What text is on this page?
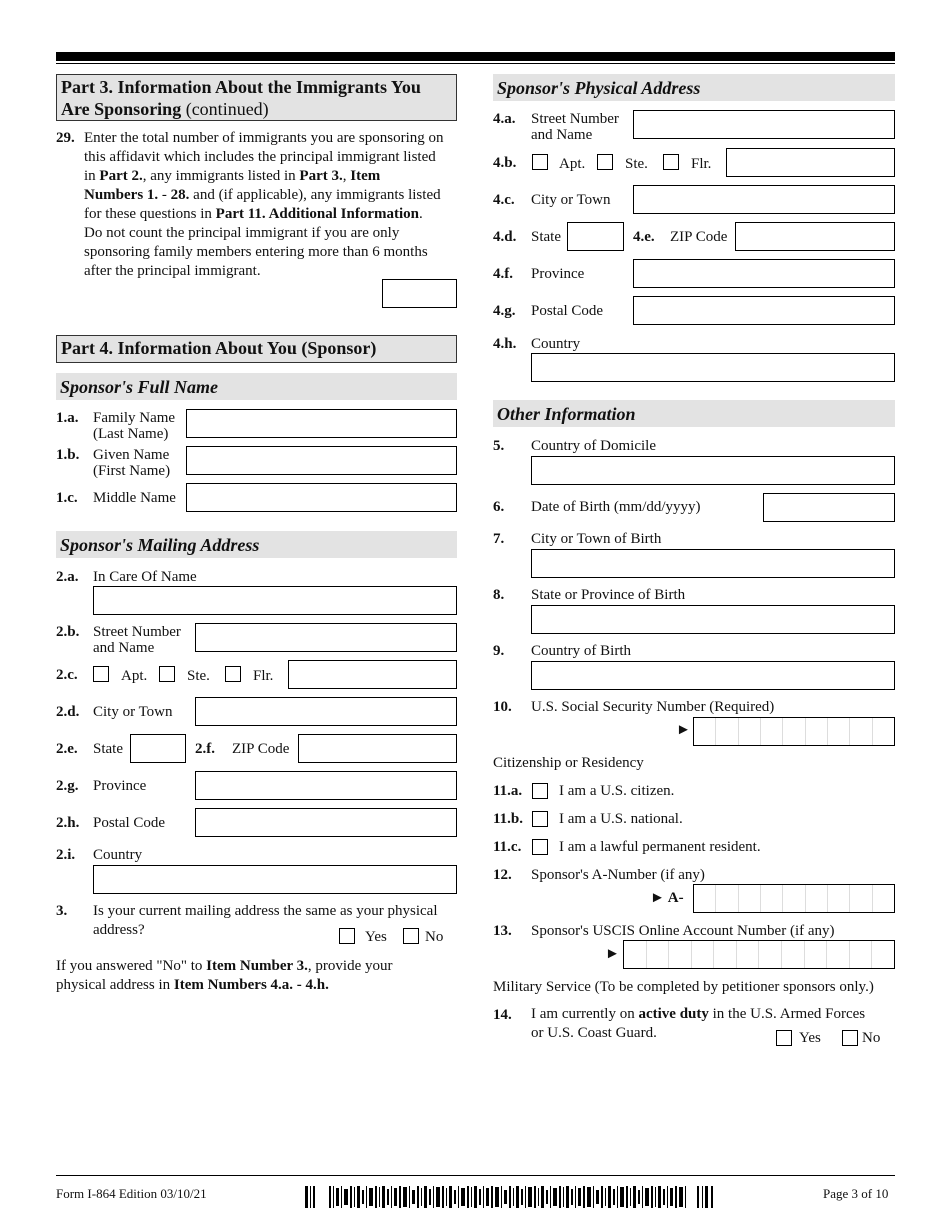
Part 3. Information About the Immigrants You Are Sponsoring (continued)
29. Enter the total number of immigrants you are sponsoring on
this affidavit which includes the principal immigrant listed
in Part 2., any immigrants listed in Part 3., Item
Numbers 1. - 28. and (if applicable), any immigrants listed
for these questions in Part 11. Additional Information.
Do not count the principal immigrant if you are only
sponsoring family members entering more than 6 months
after the principal immigrant.
Part 4. Information About You (Sponsor)
Sponsor's Full Name
1.a. Family Name
(Last Name)
1.b. Given Name
(First Name)
1.c. Middle Name
Sponsor's Mailing Address
2.a. In Care Of Name
2.b. Street Number
and Name
2.c.	Apt.	Ste.	Flr.
2.d. City or Town
2.e. State	2.f. ZIP Code
2.g. Province
2.h. Postal Code
2.i. Country
3. Is your current mailing address the same as your physical
address?	Yes	No
If you answered "No" to Item Number 3., provide your
physical address in Item Numbers 4.a. - 4.h.
Sponsor's Physical Address
4.a. Street Number
and Name
4.b.	Apt.	Ste.	Flr.
4.c. City or Town
4.d. State	4.e. ZIP Code
4.f. Province
4.g. Postal Code
4.h. Country
Other Information
5. Country of Domicile
6. Date of Birth (mm/dd/yyyy)
7. City or Town of Birth
8. State or Province of Birth
9. Country of Birth
10. U.S. Social Security Number (Required)
►
Citizenship or Residency
11.a. I am a U.S. citizen.
11.b. I am a U.S. national.
11.c.	I am a lawful permanent resident.
12. Sponsor's A-Number (if any)
► A-
13. Sponsor's USCIS Online Account Number (if any)
►
Military Service (To be completed by petitioner sponsors only.)
14. I am currently on active duty in the U.S. Armed Forces
or U.S. Coast Guard.	Yes	No
Form I-864 Edition 03/10/21	Page 3 of 10
